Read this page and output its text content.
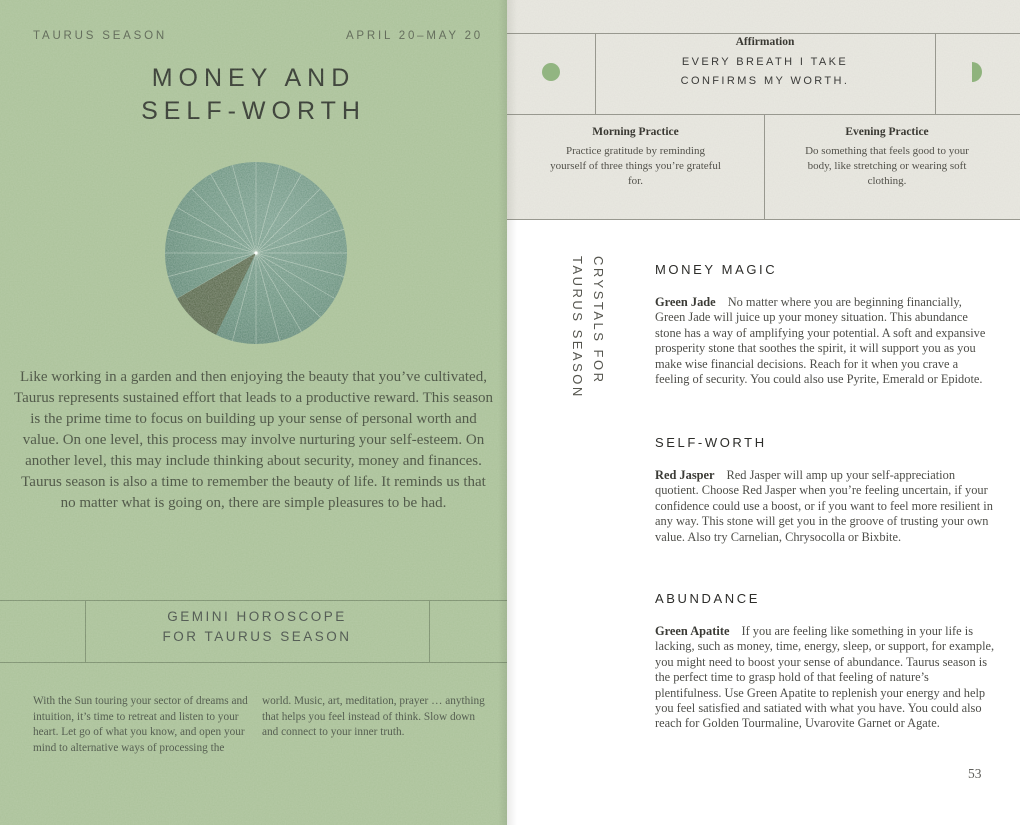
TAURUS SEASON	APRIL 20–MAY 20
MONEY AND
SELF-WORTH
Like working in a garden and then enjoying the beauty that you’ve cultivated, Taurus represents sustained effort that leads to a productive reward. This season is the prime time to focus on building up your sense of personal worth and value. On one level, this process may involve nurturing your self-esteem. On another level, this may include thinking about security, money and finances. Taurus season is also a time to remember the beauty of life. It reminds us that no matter what is going on, there are simple pleasures to be had.
GEMINI HOROSCOPE
FOR TAURUS SEASON
With the Sun touring your sector of dreams and intuition, it’s time to retreat and listen to your heart. Let go of what you know, and open your mind to alternative ways of processing the
world. Music, art, meditation, prayer … anything that helps you feel instead of think. Slow down and connect to your inner truth.
Affirmation
EVERY BREATH I TAKE
CONFIRMS MY WORTH.
Morning Practice
Practice gratitude by reminding yourself of three things you’re grateful for.
Evening Practice
Do something that feels good to your body, like stretching or wearing soft clothing.
CRYSTALS FOR
TAURUS SEASON	MONEY MAGIC
Green Jade No matter where you are beginning financially, Green Jade will juice up your money situation. This abundance stone has a way of amplifying your potential. A soft and expansive prosperity stone that soothes the spirit, it will support you as you make wise financial decisions. Reach for it when you crave a feeling of security. You could also use Pyrite, Emerald or Epidote.
SELF-WORTH
Red Jasper Red Jasper will amp up your self-appreciation quotient. Choose Red Jasper when you’re feeling uncertain, if your confidence could use a boost, or if you want to feel more resilient in any way. This stone will get you in the groove of trusting your own value. Also try Carnelian, Chrysocolla or Bixbite.
ABUNDANCE
Green Apatite If you are feeling like something in your life is lacking, such as money, time, energy, sleep, or support, for example, you might need to boost your sense of abundance. Taurus season is the perfect time to grasp hold of that feeling of nature’s plentifulness. Use Green Apatite to replenish your energy and help you feel satisfied and satiated with what you have. You could also reach for Golden Tourmaline, Uvarovite Garnet or Agate.
53
